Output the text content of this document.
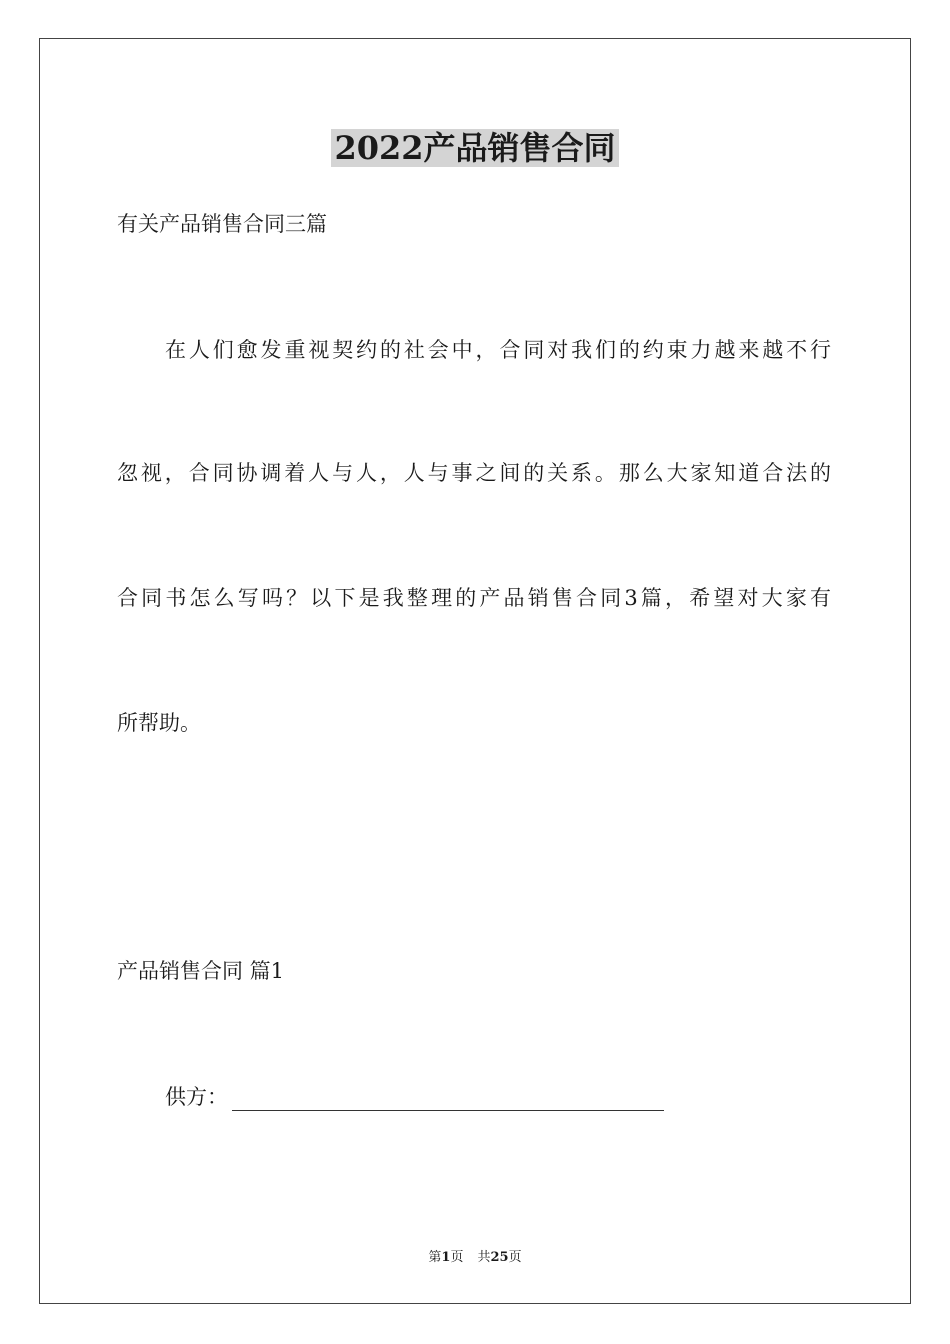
2022产品销售合同
有关产品销售合同三篇
在人们愈发重视契约的社会中，合同对我们的约束力越来越不行
忽视，合同协调着人与人，人与事之间的关系。那么大家知道合法的
合同书怎么写吗？以下是我整理的产品销售合同3篇，希望对大家有
所帮助。
产品销售合同 篇1
供方：
第1页 共25页
